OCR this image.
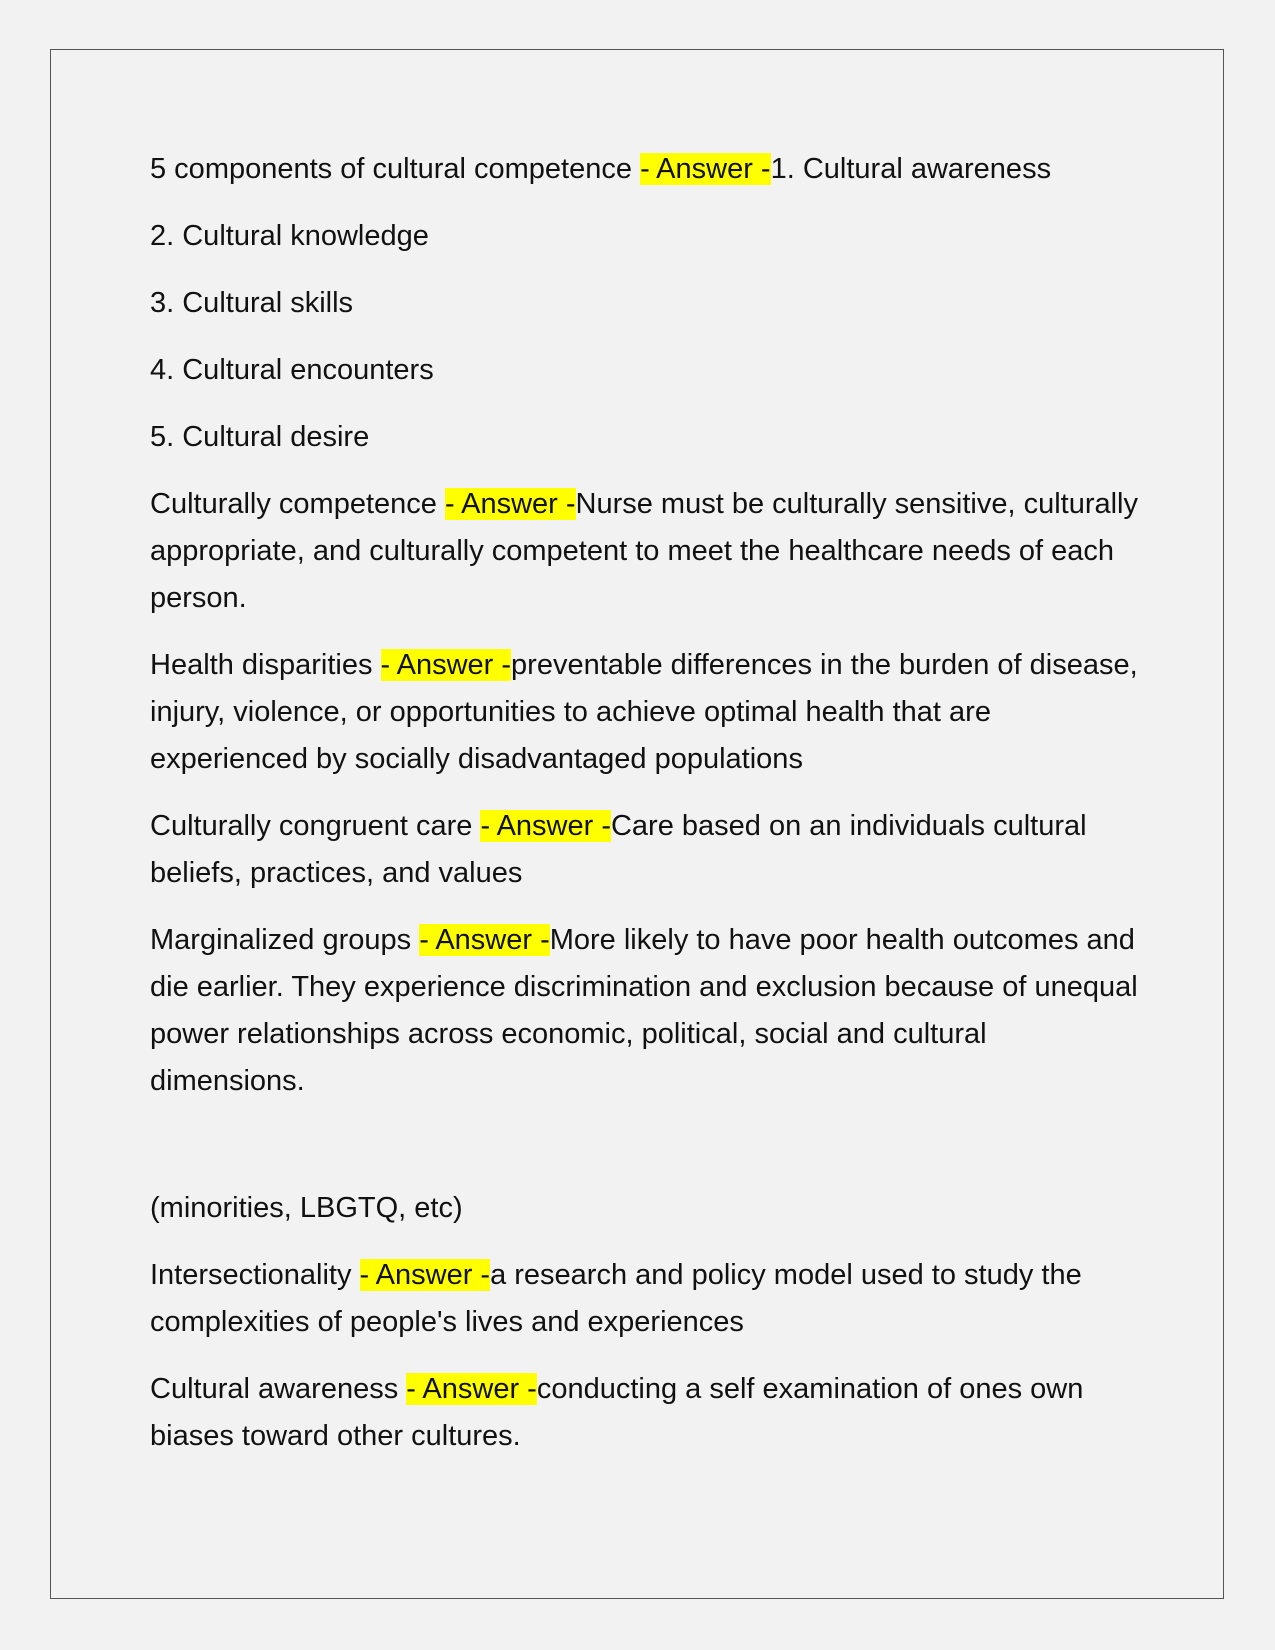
5 components of cultural competence - Answer -1. Cultural awareness

2. Cultural knowledge

3. Cultural skills

4. Cultural encounters

5. Cultural desire

Culturally competence - Answer -Nurse must be culturally sensitive, culturally appropriate, and culturally competent to meet the healthcare needs of each person.

Health disparities - Answer -preventable differences in the burden of disease, injury, violence, or opportunities to achieve optimal health that are experienced by socially disadvantaged populations

Culturally congruent care - Answer -Care based on an individuals cultural beliefs, practices, and values

Marginalized groups - Answer -More likely to have poor health outcomes and die earlier. They experience discrimination and exclusion because of unequal power relationships across economic, political, social and cultural dimensions.

(minorities, LBGTQ, etc)

Intersectionality - Answer -a research and policy model used to study the complexities of people's lives and experiences

Cultural awareness - Answer -conducting a self examination of ones own biases toward other cultures.
